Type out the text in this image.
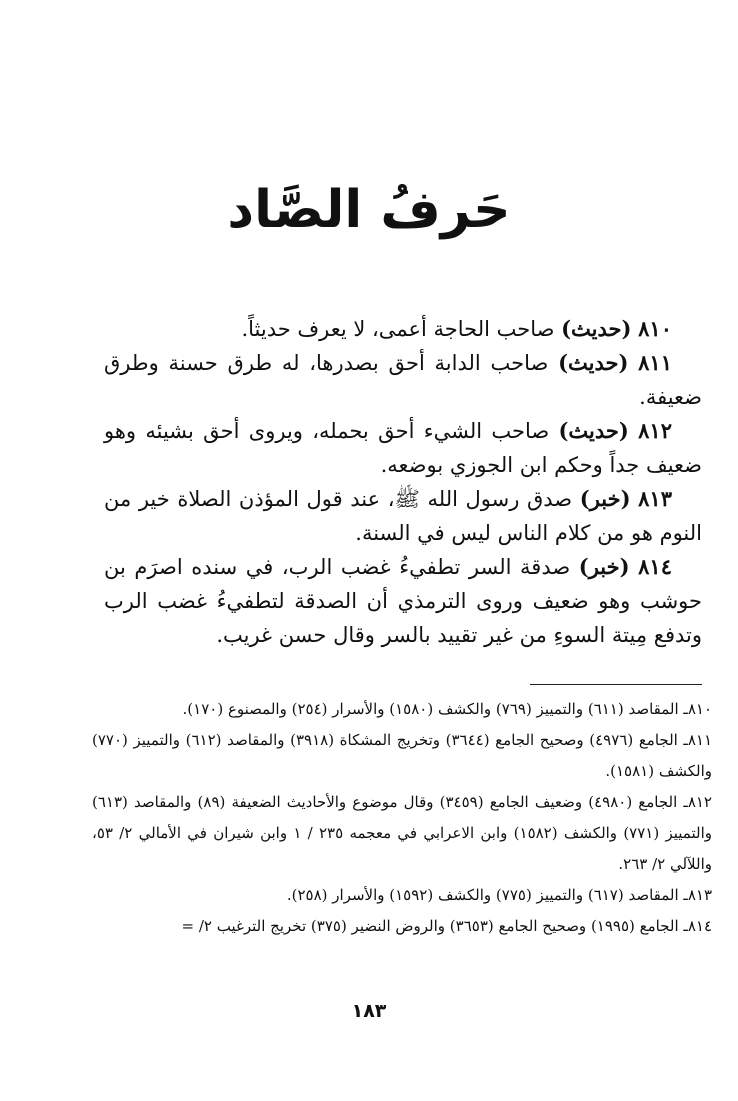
حَرفُ الصَّاد

٨١٠ (حديث) صاحب الحاجة أعمى، لا يعرف حديثاً.

٨١١ (حديث) صاحب الدابة أحق بصدرها، له طرق حسنة وطرق ضعيفة.

٨١٢ (حديث) صاحب الشيء أحق بحمله، ويروى أحق بشيئه وهو ضعيف جداً وحكم ابن الجوزي بوضعه.

٨١٣ (خبر) صدق رسول الله ﷺ، عند قول المؤذن الصلاة خير من النوم هو من كلام الناس ليس في السنة.

٨١٤ (خبر) صدقة السر تطفيءُ غضب الرب، في سنده اصرَم بن حوشب وهو ضعيف وروى الترمذي أن الصدقة لتطفيءُ غضب الرب وتدفع مِيتة السوءِ من غير تقييد بالسر وقال حسن غريب.

٨١٠ـ المقاصد (٦١١) والتمييز (٧٦٩) والكشف (١٥٨٠) والأسرار (٢٥٤) والمصنوع (١٧٠).

٨١١ـ الجامع (٤٩٧٦) وصحيح الجامع (٣٦٤٤) وتخريج المشكاة (٣٩١٨) والمقاصد (٦١٢) والتمييز (٧٧٠) والكشف (١٥٨١).

٨١٢ـ الجامع (٤٩٨٠) وضعيف الجامع (٣٤٥٩) وقال موضوع والأحاديث الضعيفة (٨٩) والمقاصد (٦١٣) والتمييز (٧٧١) والكشف (١٥٨٢) وابن الاعرابي في معجمه ٢٣٥ / ١ وابن شيران في الأمالي ٢/ ٥٣، واللآلي ٢/ ٢٦٣.

٨١٣ـ المقاصد (٦١٧) والتمييز (٧٧٥) والكشف (١٥٩٢) والأسرار (٢٥٨).

٨١٤ـ الجامع (١٩٩٥) وصحيح الجامع (٣٦٥٣) والروض النضير (٣٧٥) تخريج الترغيب ٢/ =

١٨٣
